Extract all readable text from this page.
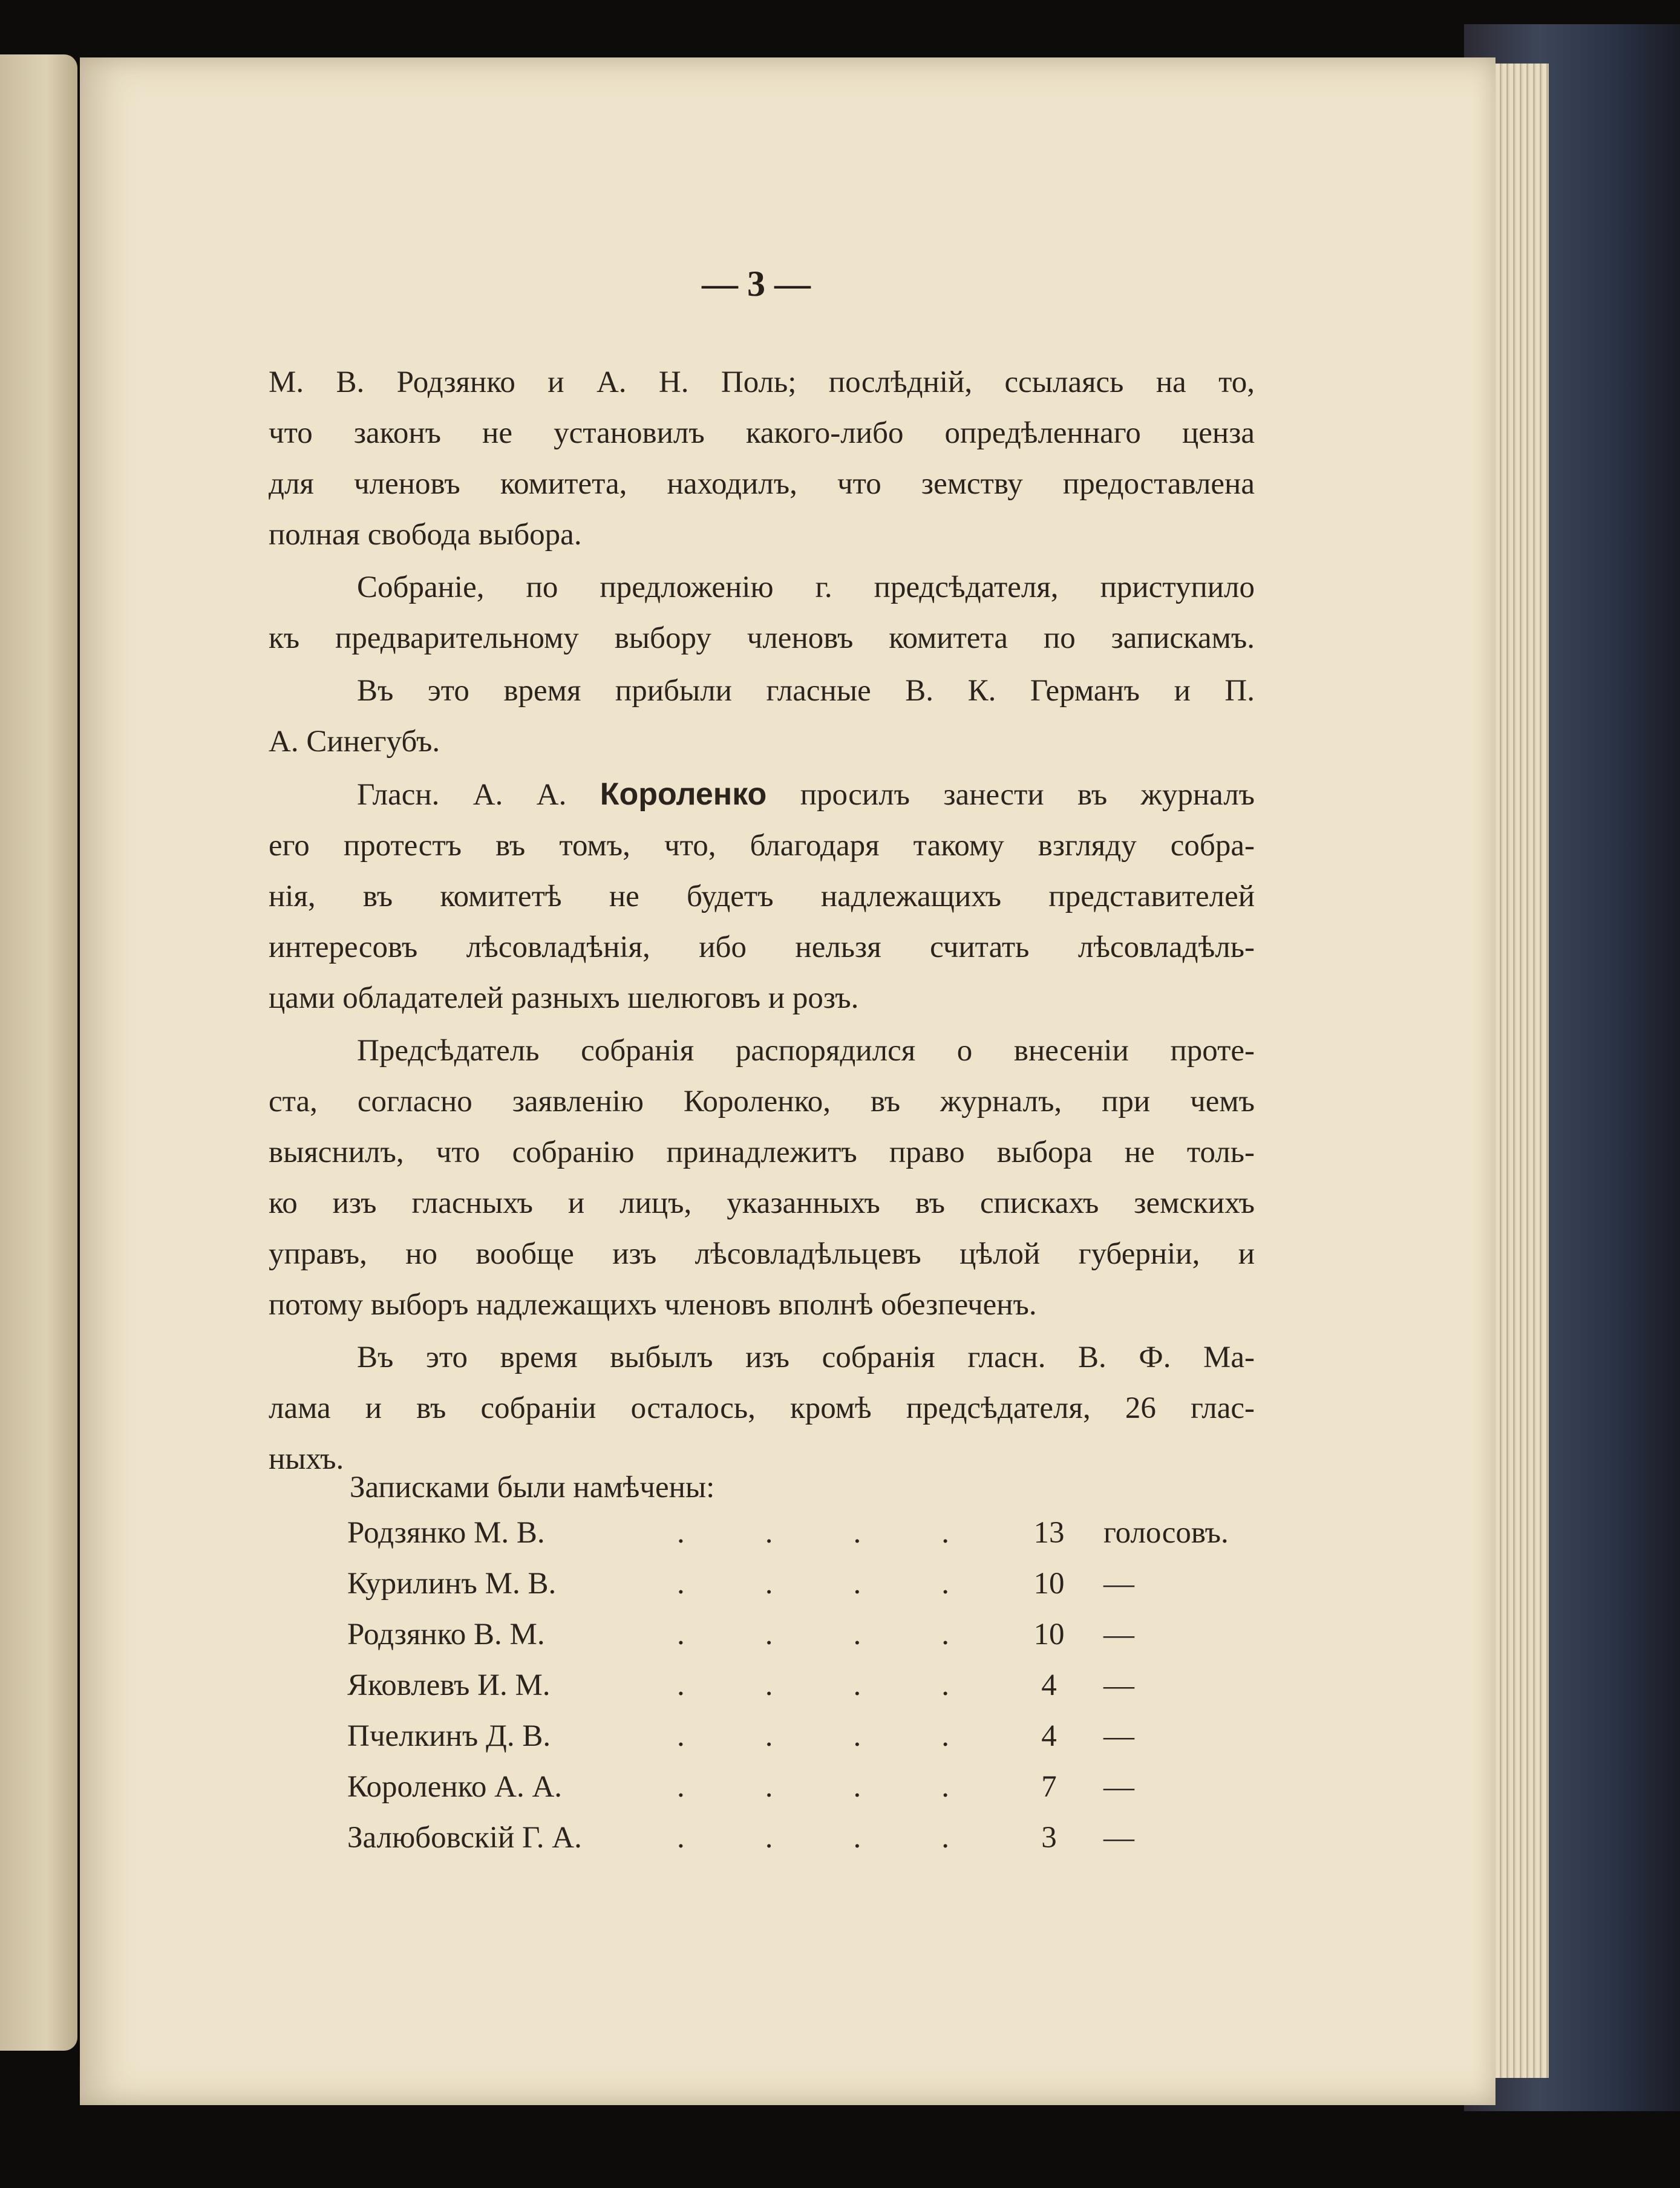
— 3 —
М. В. Родзянко и А. Н. Поль; послѣдній, ссылаясь на то,
что законъ не установилъ какого-либо опредѣленнаго ценза
для членовъ комитета, находилъ, что земству предоставлена
полная свобода выбора.
Собраніе, по предложенію г. предсѣдателя, приступило
къ предварительному выбору членовъ комитета по запискамъ.
Въ это время прибыли гласные В. К. Германъ и П.
А. Синегубъ.
Гласн. А. А. Короленко просилъ занести въ журналъ
его протестъ въ томъ, что, благодаря такому взгляду собра-
нія, въ комитетѣ не будетъ надлежащихъ представителей
интересовъ лѣсовладѣнія, ибо нельзя считать лѣсовладѣль-
цами обладателей разныхъ шелюговъ и розъ.
Предсѣдатель собранія распорядился о внесеніи проте-
ста, согласно заявленію Короленко, въ журналъ, при чемъ
выяснилъ, что собранію принадлежитъ право выбора не толь-
ко изъ гласныхъ и лицъ, указанныхъ въ спискахъ земскихъ
управъ, но вообще изъ лѣсовладѣльцевъ цѣлой губерніи, и
потому выборъ надлежащихъ членовъ вполнѣ обезпеченъ.
Въ это время выбылъ изъ собранія гласн. В. Ф. Ма-
лама и въ собраніи осталось, кромѣ предсѣдателя, 26 глас-
ныхъ.
Записками были намѣчены:
Родзянко М. В.	.	.	.	.	13	голосовъ.
Курилинъ М. В.	.	.	.	.	10	—
Родзянко В. М.	.	.	.	.	10	—
Яковлевъ И. М.	.	.	.	.	4	—
Пчелкинъ Д. В.	.	.	.	.	4	—
Короленко А. А.	.	.	.	.	7	—
Залюбовскій Г. А.	.	.	.	.	3	—
